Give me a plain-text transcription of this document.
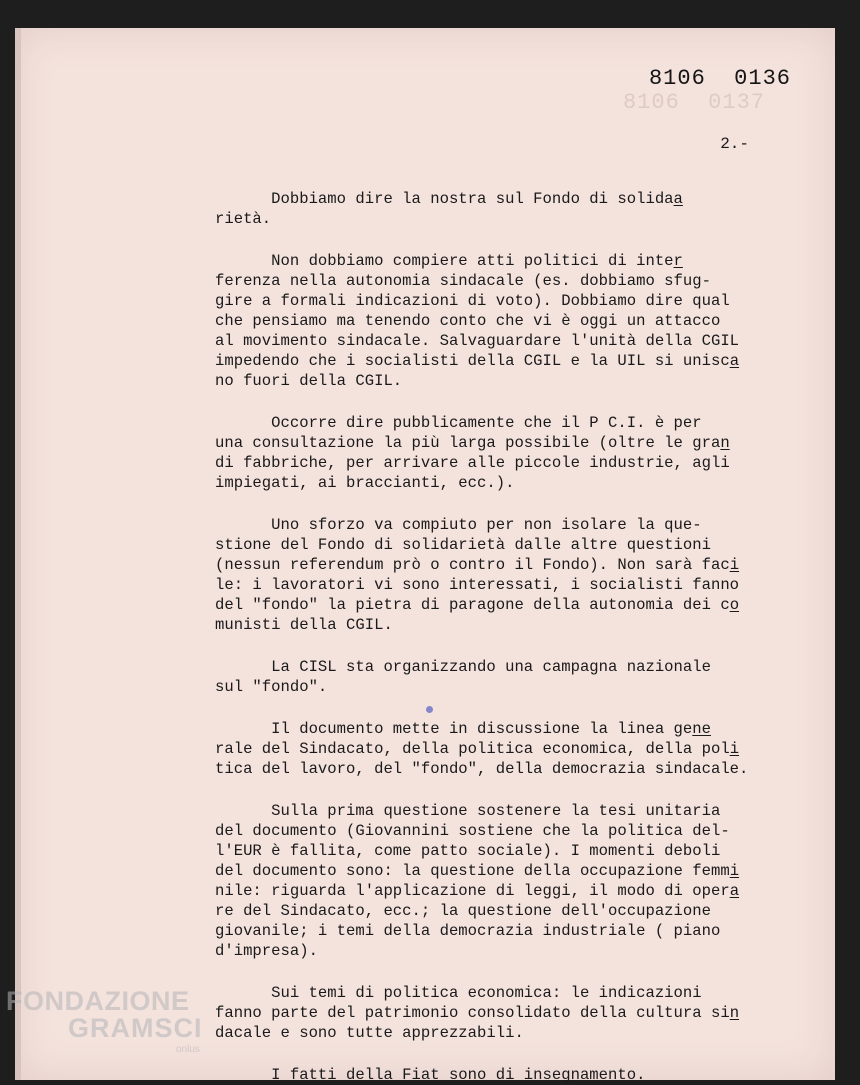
8106  0137
8106  0136
2.-
Dobbiamo dire la nostra sul Fondo di solidaa
rietà.
Non dobbiamo compiere atti politici di inter
ferenza nella autonomia sindacale (es. dobbiamo sfug-
gire a formali indicazioni di voto). Dobbiamo dire qual
che pensiamo ma tenendo conto che vi è oggi un attacco
al movimento sindacale. Salvaguardare l'unità della CGIL
impedendo che i socialisti della CGIL e la UIL si unisca
no fuori della CGIL.
Occorre dire pubblicamente che il P C.I. è per
una consultazione la più larga possibile (oltre le gran
di fabbriche, per arrivare alle piccole industrie, agli
impiegati, ai braccianti, ecc.).
Uno sforzo va compiuto per non isolare la que-
stione del Fondo di solidarietà dalle altre questioni
(nessun referendum prò o contro il Fondo). Non sarà faci
le: i lavoratori vi sono interessati, i socialisti fanno
del "fondo" la pietra di paragone della autonomia dei co
munisti della CGIL.
La CISL sta organizzando una campagna nazionale
sul "fondo".
Il documento mette in discussione la linea gene
rale del Sindacato, della politica economica, della poli
tica del lavoro, del "fondo", della democrazia sindacale.
Sulla prima questione sostenere la tesi unitaria
del documento (Giovannini sostiene che la politica del-
l'EUR è fallita, come patto sociale). I momenti deboli
del documento sono: la questione della occupazione femmi
nile: riguarda l'applicazione di leggi, il modo di opera
re del Sindacato, ecc.; la questione dell'occupazione
giovanile; i temi della democrazia industriale ( piano
d'impresa).
Sui temi di politica economica: le indicazioni
fanno parte del patrimonio consolidato della cultura sin
dacale e sono tutte apprezzabili.
I fatti della Fiat sono di insegnamento.
FONDAZIONE
GRAMSCI
onlus
